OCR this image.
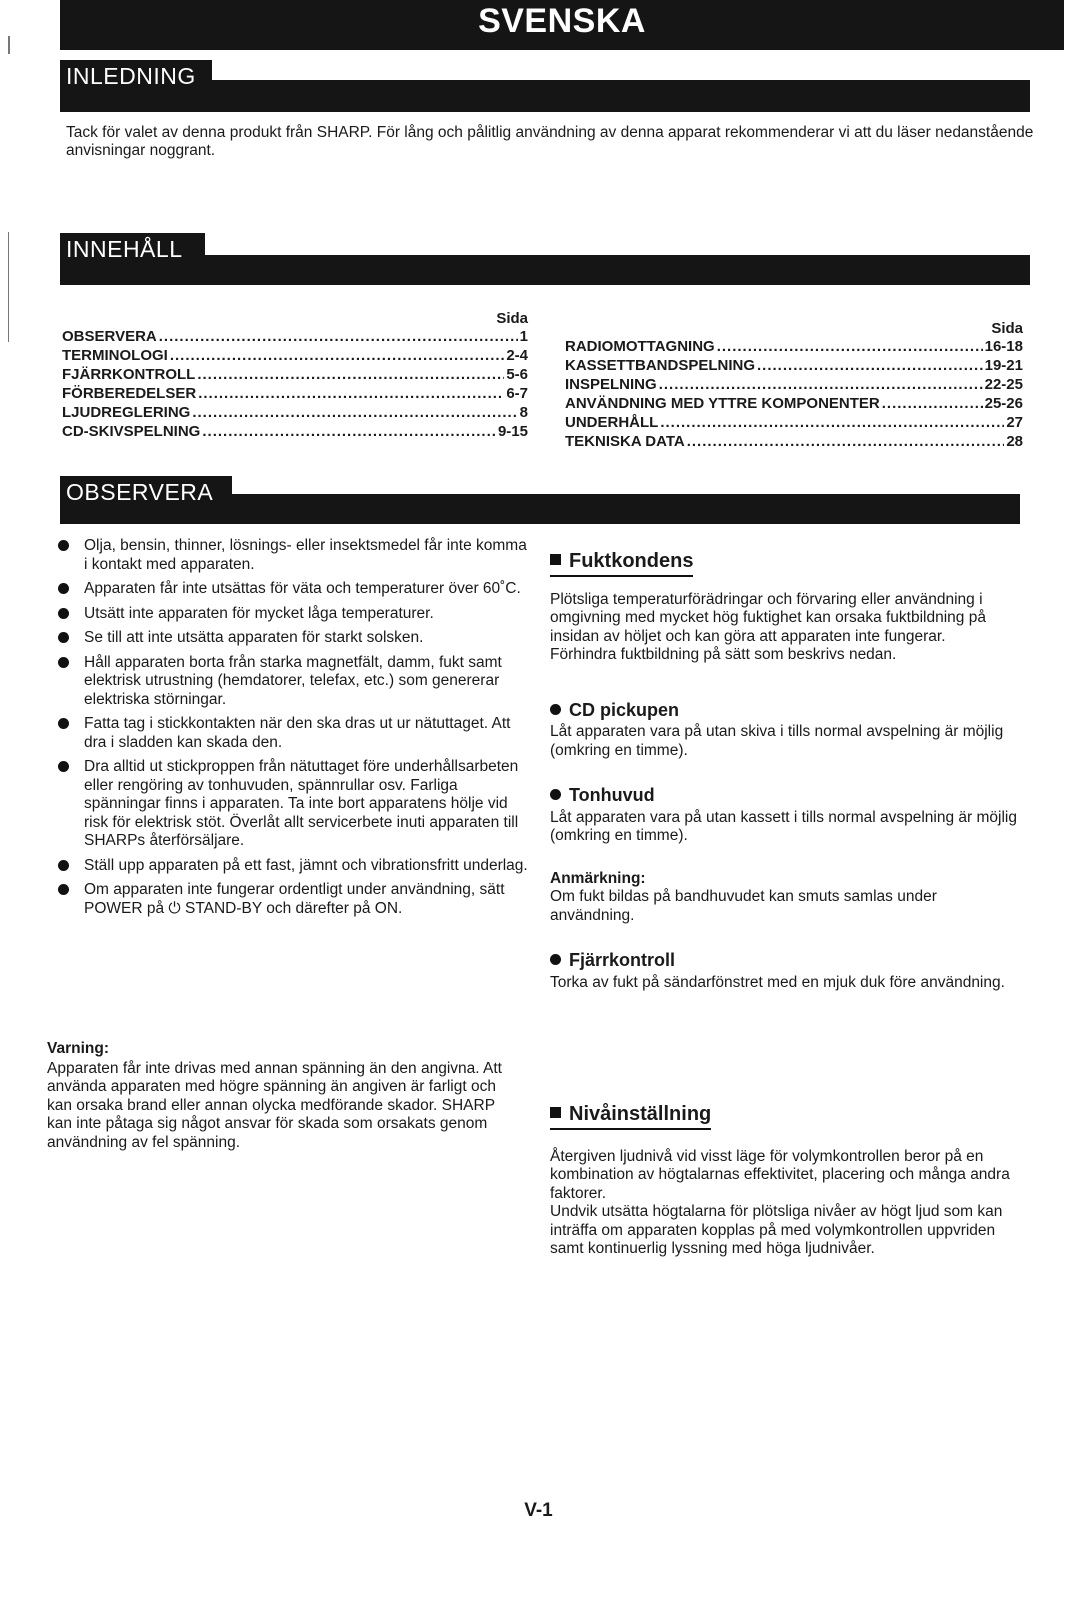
SVENSKA
INLEDNING
Tack för valet av denna produkt från SHARP. För lång och pålitlig användning av denna apparat rekommenderar vi att du läser nedanstående anvisningar noggrant.
INNEHÅLL
Sida
OBSERVERA .....	1
TERMINOLOGI .....	2-4
FJÄRRKONTROLL .....	5-6
FÖRBEREDELSER .....	6-7
LJUDREGLERING .....	8
CD-SKIVSPELNING .....	9-15
Sida
RADIOMOTTAGNING .....	16-18
KASSETTBANDSPELNING .....	19-21
INSPELNING .....	22-25
ANVÄNDNING MED YTTRE KOMPONENTER .....	25-26
UNDERHÅLL .....	27
TEKNISKA DATA .....	28
OBSERVERA
Olja, bensin, thinner, lösnings- eller insektsmedel får inte komma i kontakt med apparaten.
Apparaten får inte utsättas för väta och temperaturer över 60˚C.
Utsätt inte apparaten för mycket låga temperaturer.
Se till att inte utsätta apparaten för starkt solsken.
Håll apparaten borta från starka magnetfält, damm, fukt samt elektrisk utrustning (hemdatorer, telefax, etc.) som genererar elektriska störningar.
Fatta tag i stickkontakten när den ska dras ut ur nätuttaget. Att dra i sladden kan skada den.
Dra alltid ut stickproppen från nätuttaget före underhållsarbeten eller rengöring av tonhuvuden, spännrullar osv. Farliga spänningar finns i apparaten. Ta inte bort apparatens hölje vid risk för elektrisk stöt. Överlåt allt servicerbete inuti apparaten till SHARPs återförsäljare.
Ställ upp apparaten på ett fast, jämnt och vibrationsfritt underlag.
Om apparaten inte fungerar ordentligt under användning, sätt POWER på ⏻ STAND-BY och därefter på ON.
Varning:
Apparaten får inte drivas med annan spänning än den angivna. Att använda apparaten med högre spänning än angiven är farligt och kan orsaka brand eller annan olycka medförande skador. SHARP kan inte påtaga sig något ansvar för skada som orsakats genom användning av fel spänning.
Fuktkondens
Plötsliga temperaturförädringar och förvaring eller användning i omgivning med mycket hög fuktighet kan orsaka fuktbildning på insidan av höljet och kan göra att apparaten inte fungerar.
Förhindra fuktbildning på sätt som beskrivs nedan.
CD pickupen
Låt apparaten vara på utan skiva i tills normal avspelning är möjlig (omkring en timme).
Tonhuvud
Låt apparaten vara på utan kassett i tills normal avspelning är möjlig (omkring en timme).
Anmärkning:
Om fukt bildas på bandhuvudet kan smuts samlas under användning.
Fjärrkontroll
Torka av fukt på sändarfönstret med en mjuk duk före användning.
Nivåinställning
Återgiven ljudnivå vid visst läge för volymkontrollen beror på en kombination av högtalarnas effektivitet, placering och många andra faktorer.
Undvik utsätta högtalarna för plötsliga nivåer av högt ljud som kan inträffa om apparaten kopplas på med volymkontrollen uppvriden samt kontinuerlig lyssning med höga ljudnivåer.
V-1
